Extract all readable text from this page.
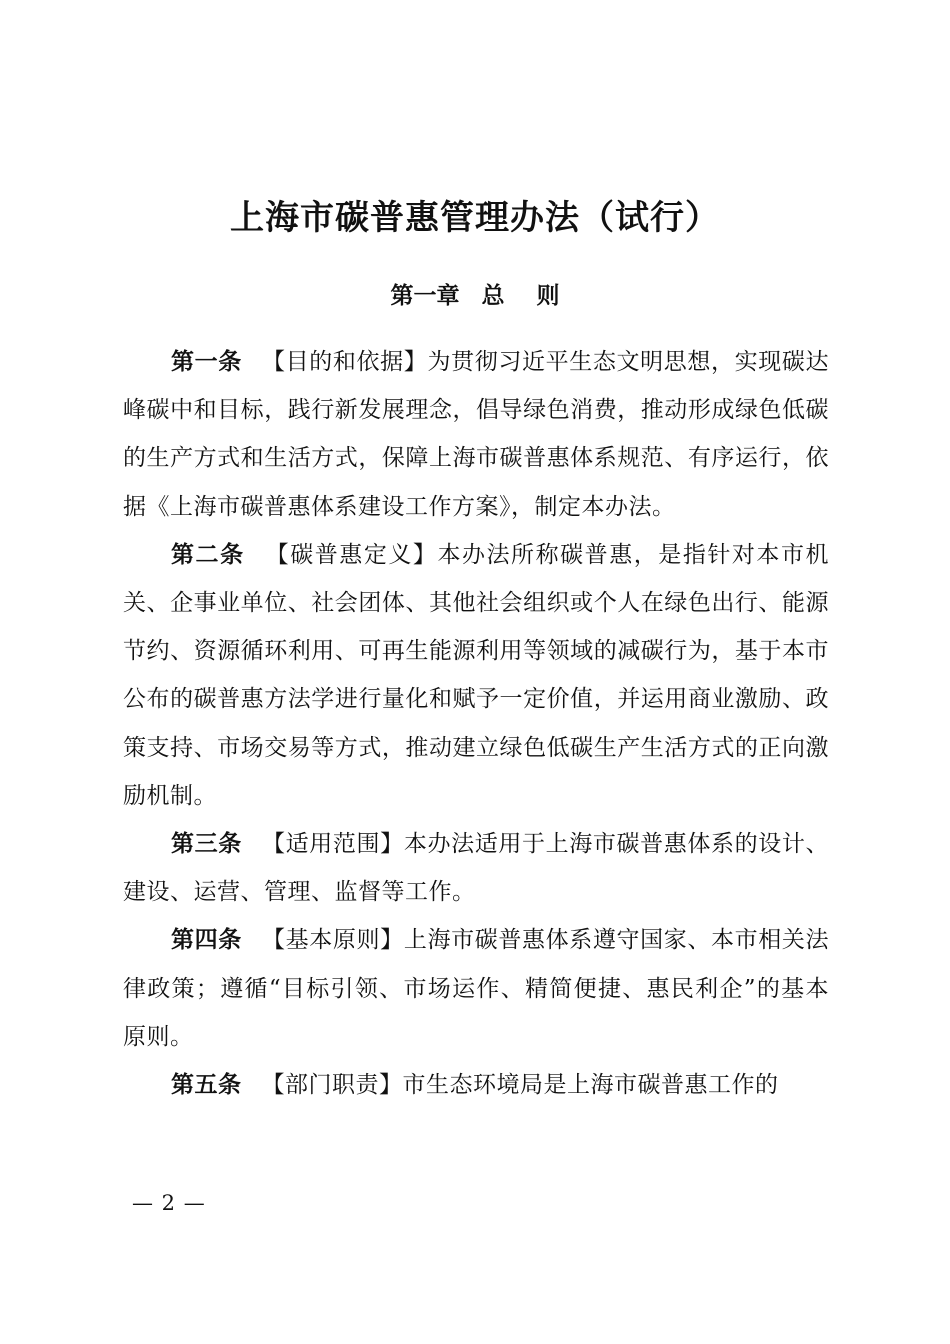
上海市碳普惠管理办法（试行）
第一章 总 则

第一条 【目的和依据】为贯彻习近平生态文明思想，实现碳达峰碳中和目标，践行新发展理念，倡导绿色消费，推动形成绿色低碳的生产方式和生活方式，保障上海市碳普惠体系规范、有序运行，依据《上海市碳普惠体系建设工作方案》，制定本办法。

第二条 【碳普惠定义】本办法所称碳普惠，是指针对本市机关、企事业单位、社会团体、其他社会组织或个人在绿色出行、能源节约、资源循环利用、可再生能源利用等领域的减碳行为，基于本市公布的碳普惠方法学进行量化和赋予一定价值，并运用商业激励、政策支持、市场交易等方式，推动建立绿色低碳生产生活方式的正向激励机制。

第三条 【适用范围】本办法适用于上海市碳普惠体系的设计、建设、运营、管理、监督等工作。

第四条 【基本原则】上海市碳普惠体系遵守国家、本市相关法律政策；遵循“目标引领、市场运作、精简便捷、惠民利企”的基本原则。

第五条 【部门职责】市生态环境局是上海市碳普惠工作的

— 2 —
